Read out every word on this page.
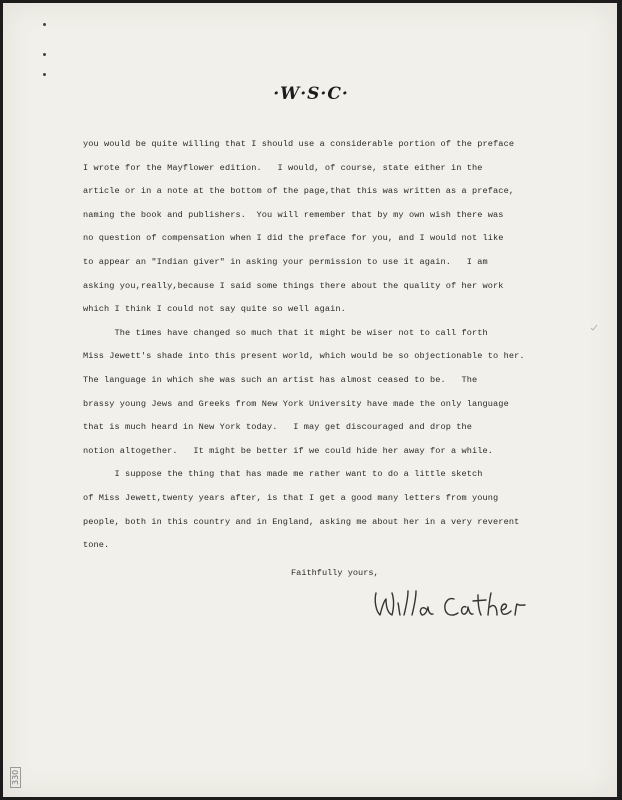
·W·S·C·
you would be quite willing that I should use a considerable portion of the preface
I wrote for the Mayflower edition.   I would, of course, state either in the
article or in a note at the bottom of the page,that this was written as a preface,
naming the book and publishers.  You will remember that by my own wish there was
no question of compensation when I did the preface for you, and I would not like
to appear an "Indian giver" in asking your permission to use it again.   I am
asking you,really,because I said some things there about the quality of her work
which I think I could not say quite so well again.
The times have changed so much that it might be wiser not to call forth
Miss Jewett's shade into this present world, which would be so objectionable to her.
The language in which she was such an artist has almost ceased to be.   The
brassy young Jews and Greeks from New York University have made the only language
that is much heard in New York today.   I may get discouraged and drop the
notion altogether.   It might be better if we could hide her away for a while.
I suppose the thing that has made me rather want to do a little sketch
of Miss Jewett,twenty years after, is that I get a good many letters from young
people, both in this country and in England, asking me about her in a very reverent
tone.
Faithfully yours,
330
